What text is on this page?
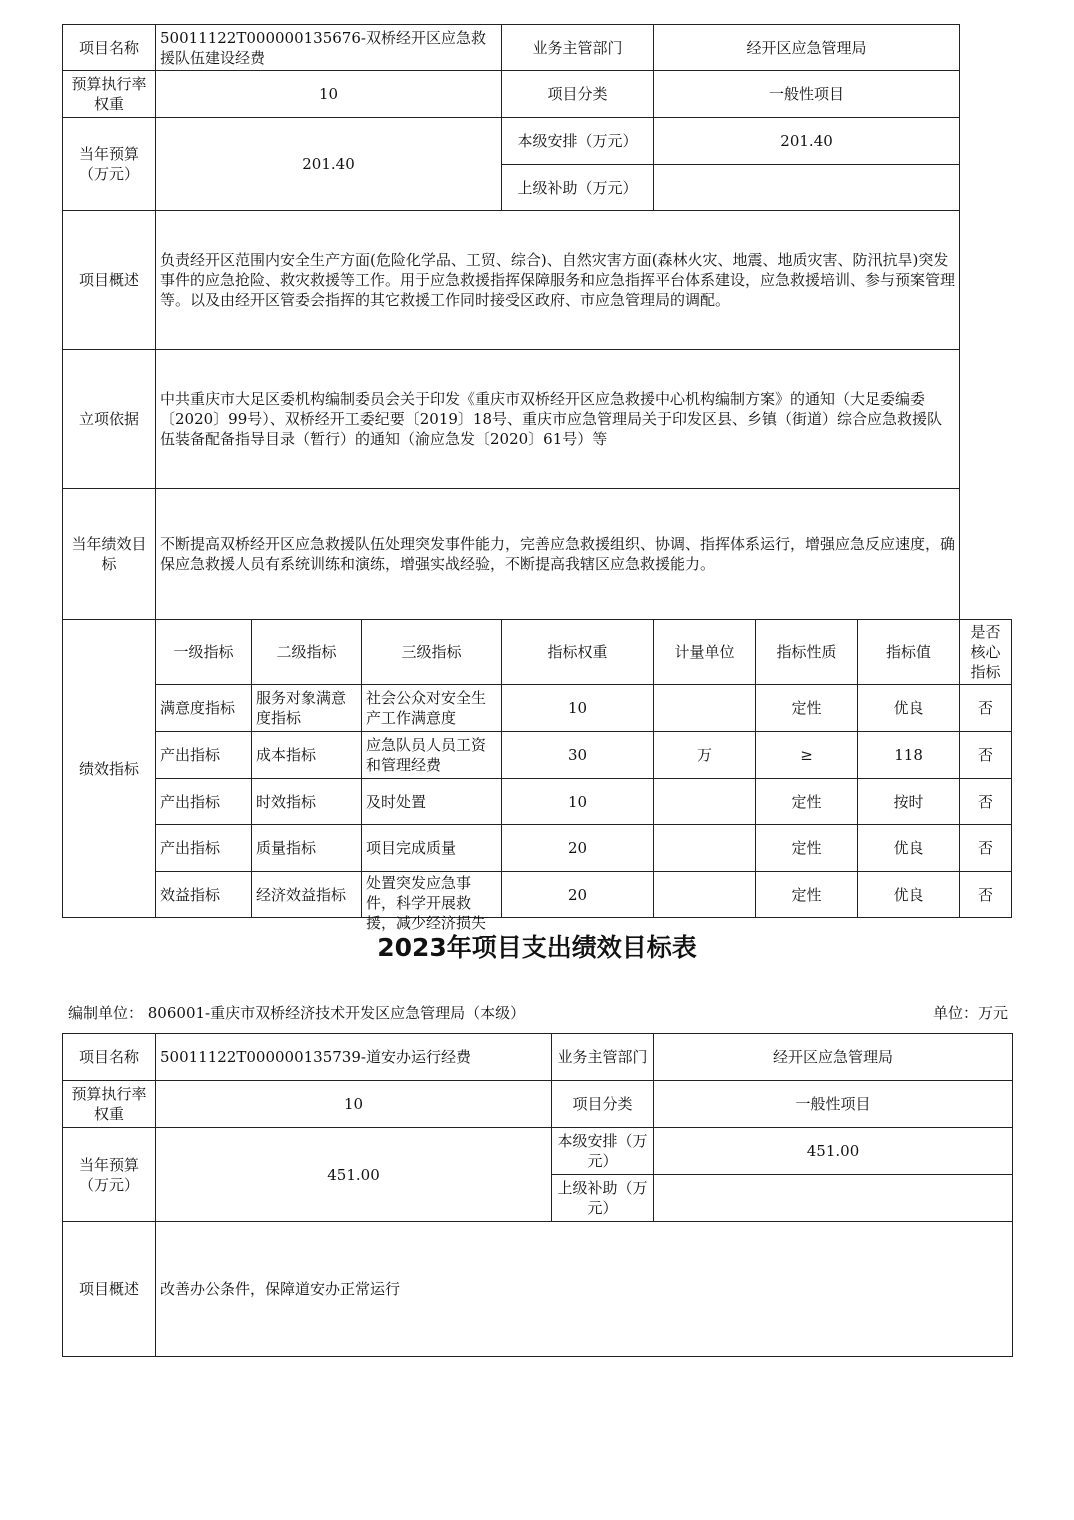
项目名称	50011122T000000135676-双桥经开区应急救援队伍建设经费			业务主管部门	经开区应急管理局			
预算执行率权重	10			项目分类	一般性项目			
当年预算（万元）	201.40			本级安排（万元）	201.40			
				上级补助（万元）				
项目概述	负责经开区范围内安全生产方面(危险化学品、工贸、综合)、自然灾害方面(森林火灾、地震、地质灾害、防汛抗旱)突发事件的应急抢险、救灾救援等工作。用于应急救援指挥保障服务和应急指挥平台体系建设，应急救援培训、参与预案管理等。以及由经开区管委会指挥的其它救援工作同时接受区政府、市应急管理局的调配。							
立项依据	中共重庆市大足区委机构编制委员会关于印发《重庆市双桥经开区应急救援中心机构编制方案》的通知（大足委编委〔2020〕99号）、双桥经开工委纪要〔2019〕18号、重庆市应急管理局关于印发区县、乡镇（街道）综合应急救援队伍装备配备指导目录（暂行）的通知（渝应急发〔2020〕61号）等							
当年绩效目标	不断提高双桥经开区应急救援队伍处理突发事件能力，完善应急救援组织、协调、指挥体系运行，增强应急反应速度，确保应急救援人员有系统训练和演练，增强实战经验，不断提高我辖区应急救援能力。							
绩效指标	一级指标	二级指标	三级指标	指标权重	计量单位	指标性质	指标值	是否核心指标
	满意度指标	服务对象满意度指标	社会公众对安全生产工作满意度	10		定性	优良	否
	产出指标	成本指标	应急队员人员工资和管理经费	30	万	≥	118	否
	产出指标	时效指标	及时处置	10		定性	按时	否
	产出指标	质量指标	项目完成质量	20		定性	优良	否
	效益指标	经济效益指标	处置突发应急事件，科学开展救援，减少经济损失	20		定性	优良	否
2023年项目支出绩效目标表
编制单位： 806001-重庆市双桥经济技术开发区应急管理局（本级）	单位：万元
项目名称	50011122T000000135739-道安办运行经费	业务主管部门	经开区应急管理局
预算执行率权重	10	项目分类	一般性项目
当年预算（万元）	451.00	本级安排（万元）	451.00
		上级补助（万元）	
项目概述	改善办公条件，保障道安办正常运行		
